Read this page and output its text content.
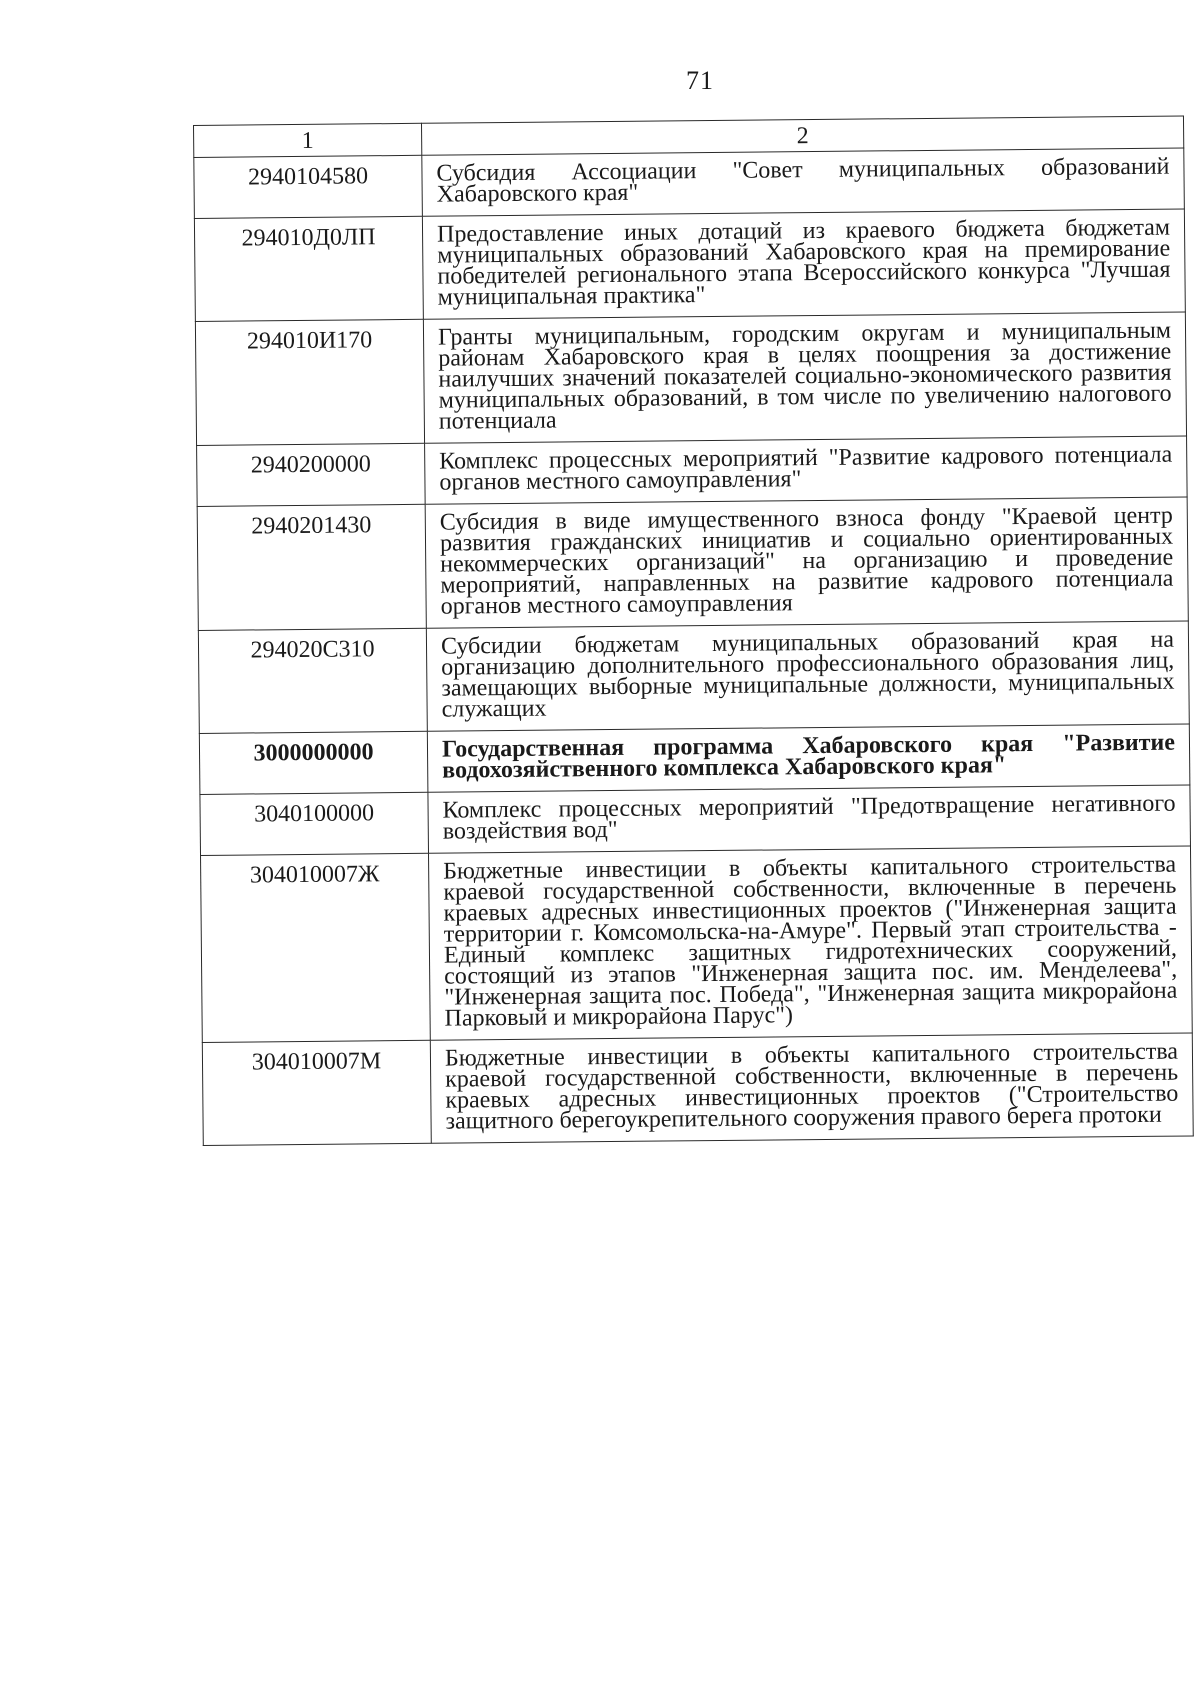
71
1	2
2940104580	Субсидия Ассоциации "Совет муниципальных образований Хабаровского края"
294010Д0ЛП	Предоставление иных дотаций из краевого бюджета бюджетам муниципальных образований Хабаровского края на премирование победителей регионального этапа Всероссийского конкурса "Лучшая муниципальная практика"
294010И170	Гранты муниципальным, городским округам и муниципальным районам Хабаровского края в целях поощрения за достижение наилучших значений показателей социально-экономического развития муниципальных образований, в том числе по увеличению налогового потенциала
2940200000	Комплекс процессных мероприятий "Развитие кадрового потенциала органов местного самоуправления"
2940201430	Субсидия в виде имущественного взноса фонду "Краевой центр развития гражданских инициатив и социально ориентированных некоммерческих организаций" на организацию и проведение мероприятий, направленных на развитие кадрового потенциала органов местного самоуправления
294020С310	Субсидии бюджетам муниципальных образований края на организацию дополнительного профессионального образования лиц, замещающих выборные муниципальные должности, муниципальных служащих
3000000000	Государственная программа Хабаровского края "Развитие водохозяйственного комплекса Хабаровского края"
3040100000	Комплекс процессных мероприятий "Предотвращение негативного воздействия вод"
304010007Ж	Бюджетные инвестиции в объекты капитального строительства краевой государственной собственности, включенные в перечень краевых адресных инвестиционных проектов ("Инженерная защита территории г. Комсомольска-на-Амуре". Первый этап строительства - Единый комплекс защитных гидротехнических сооружений, состоящий из этапов "Инженерная защита пос. им. Менделеева", "Инженерная защита пос. Победа", "Инженерная защита микрорайона Парковый и микрорайона Парус")
304010007М	Бюджетные инвестиции в объекты капитального строительства краевой государственной собственности, включенные в перечень краевых адресных инвестиционных проектов ("Строительство защитного берегоукрепительного сооружения правого берега протоки
